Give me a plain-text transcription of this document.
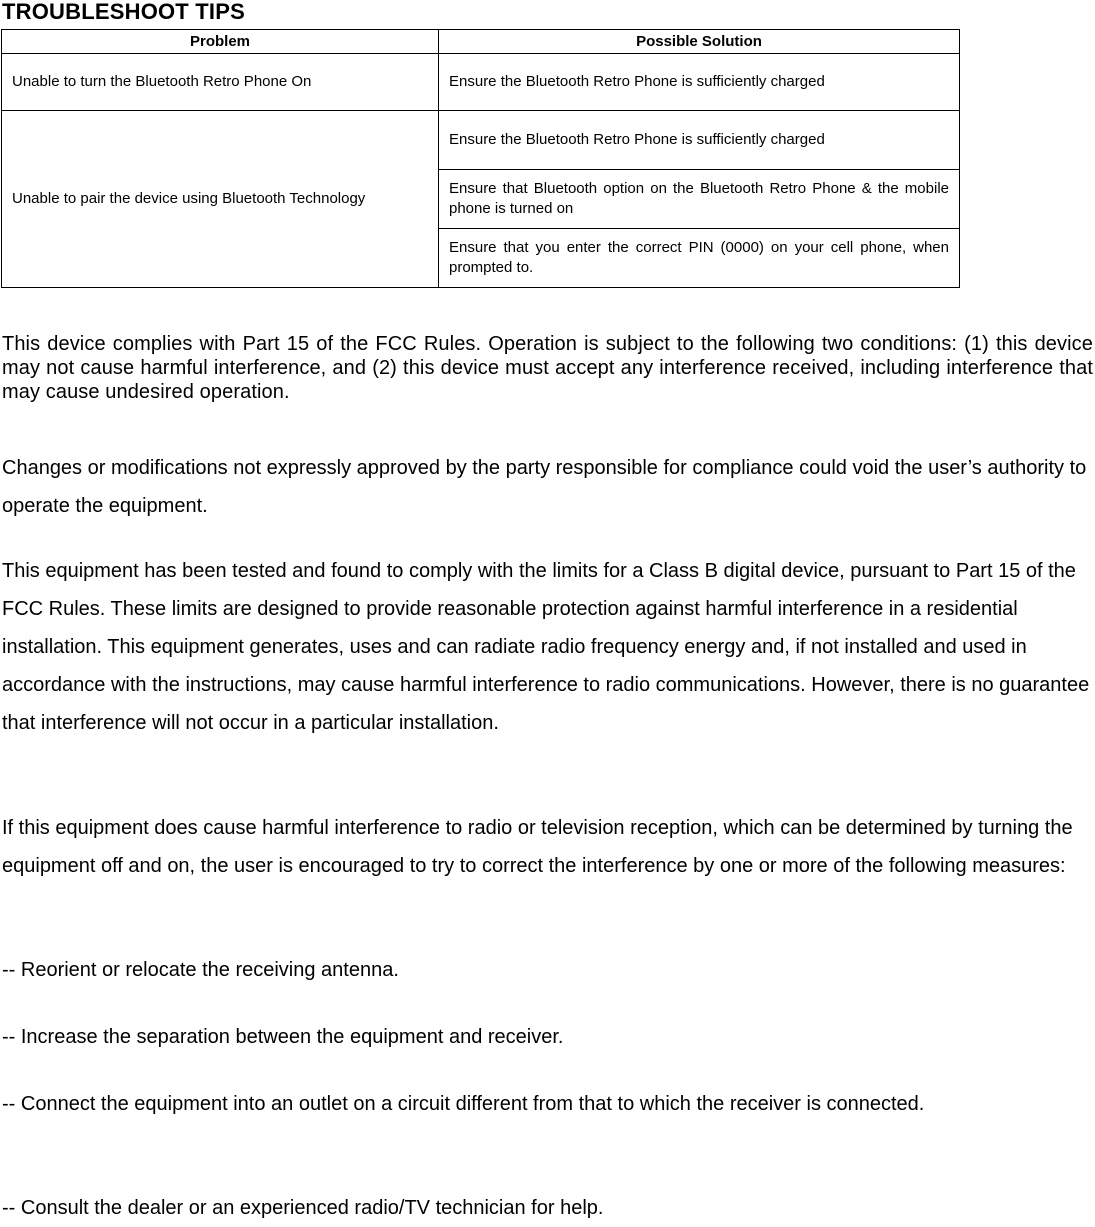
TROUBLESHOOT TIPS
Problem	Possible Solution
Unable to turn the Bluetooth Retro Phone On	Ensure the Bluetooth Retro Phone is sufficiently charged
Unable to pair the device using Bluetooth Technology	Ensure the Bluetooth Retro Phone is sufficiently charged
	Ensure that Bluetooth option on the Bluetooth Retro Phone & the mobile phone is turned on
	Ensure that you enter the correct PIN (0000) on your cell phone, when prompted to.

This device complies with Part 15 of the FCC Rules. Operation is subject to the following two conditions: (1) this device may not cause harmful interference, and (2) this device must accept any interference received, including interference that may cause undesired operation.

Changes or modifications not expressly approved by the party responsible for compliance could void the user’s authority to operate the equipment.

This equipment has been tested and found to comply with the limits for a Class B digital device, pursuant to Part 15 of the FCC Rules. These limits are designed to provide reasonable protection against harmful interference in a residential installation. This equipment generates, uses and can radiate radio frequency energy and, if not installed and used in accordance with the instructions, may cause harmful interference to radio communications. However, there is no guarantee that interference will not occur in a particular installation.

If this equipment does cause harmful interference to radio or television reception, which can be determined by turning the equipment off and on, the user is encouraged to try to correct the interference by one or more of the following measures:

-- Reorient or relocate the receiving antenna.

-- Increase the separation between the equipment and receiver.

-- Connect the equipment into an outlet on a circuit different from that to which the receiver is connected.

-- Consult the dealer or an experienced radio/TV technician for help.
